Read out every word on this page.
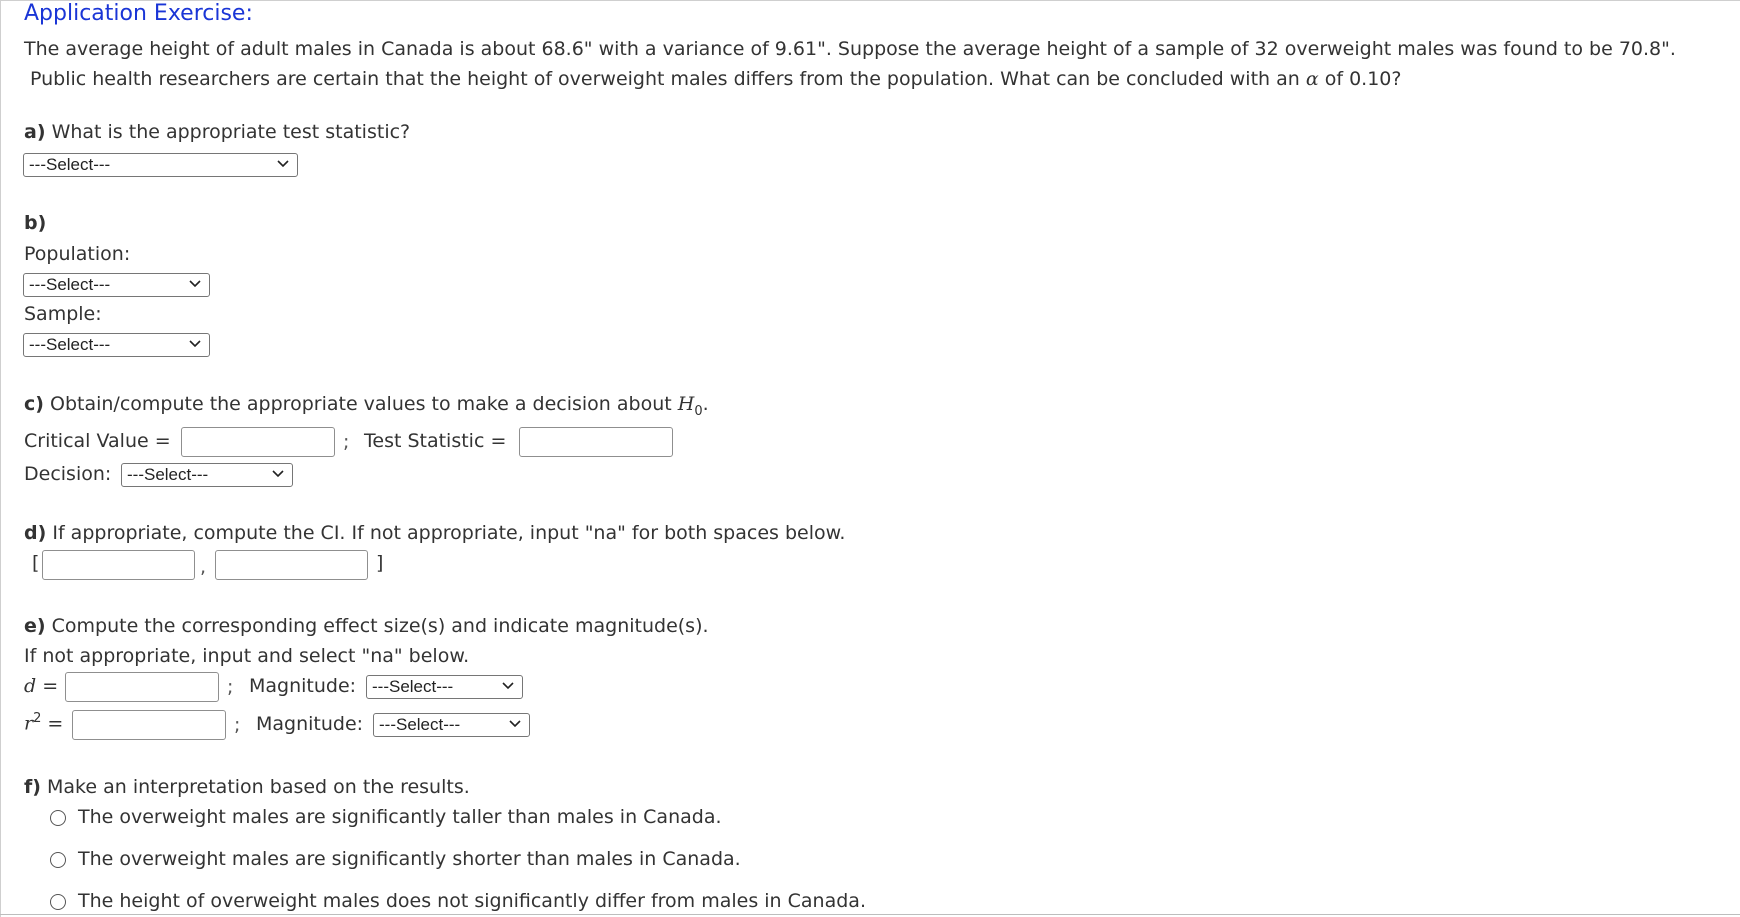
Application Exercise:

The average height of adult males in Canada is about 68.6" with a variance of 9.61". Suppose the average height of a sample of 32 overweight males was found to be 70.8".

Public health researchers are certain that the height of overweight males differs from the population. What can be concluded with an α of 0.10?

a) What is the appropriate test statistic?
---Select---
b)
Population:
---Select---
Sample:
---Select---
c) Obtain/compute the appropriate values to make a decision about $H_0$.
Critical Value =	; Test Statistic =
Decision: ---Select---
d) If appropriate, compute the CI. If not appropriate, input "na" for both spaces below.
[	,	]
e) Compute the corresponding effect size(s) and indicate magnitude(s).
If not appropriate, input and select "na" below.
d =	; Magnitude: ---Select---
$r^2$ =	; Magnitude: ---Select---
f) Make an interpretation based on the results.
The overweight males are significantly taller than males in Canada.
The overweight males are significantly shorter than males in Canada.
The height of overweight males does not significantly differ from males in Canada.
